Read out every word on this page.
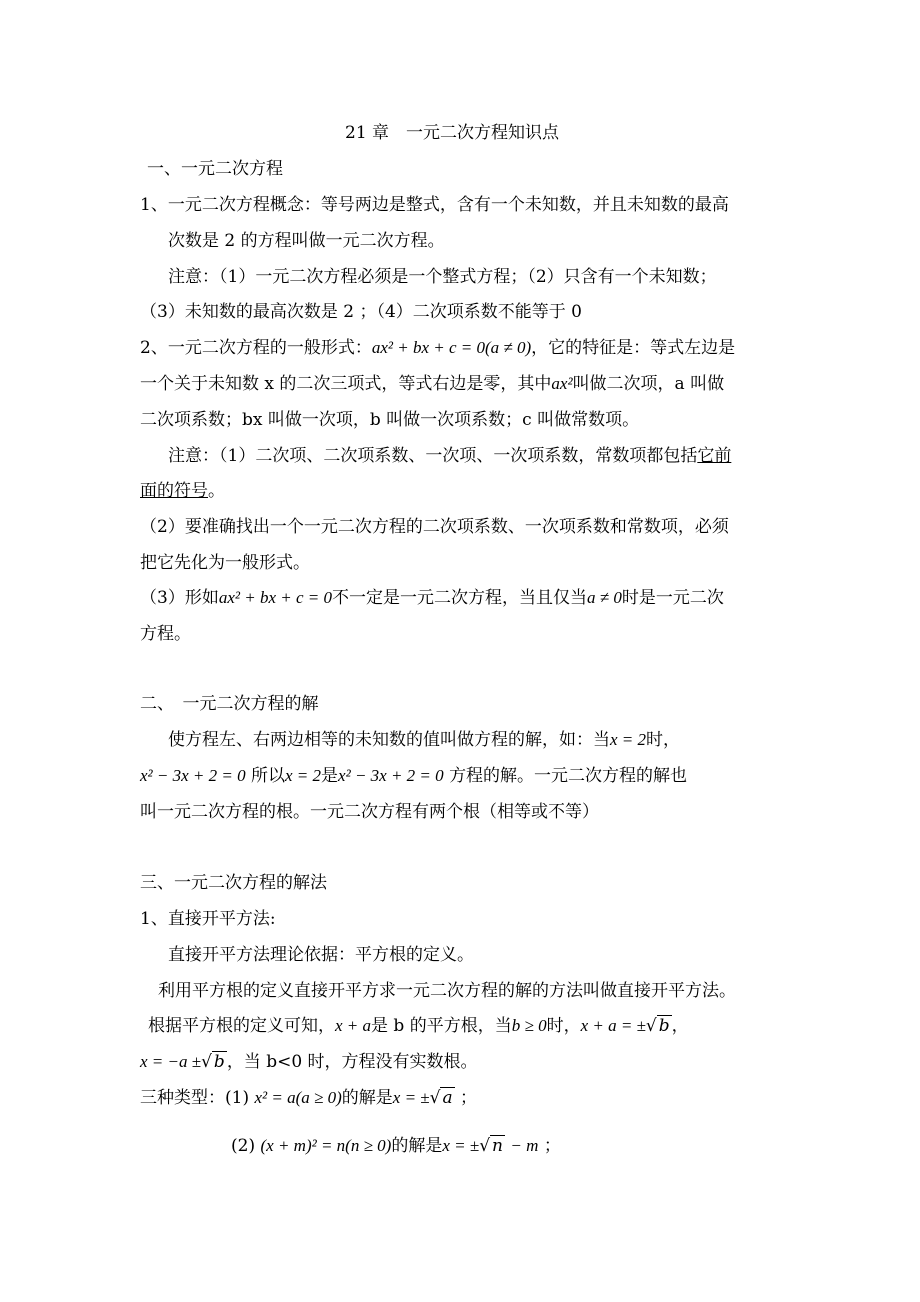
21 章　一元二次方程知识点
一、一元二次方程
1、一元二次方程概念：等号两边是整式，含有一个未知数，并且未知数的最高
次数是 2 的方程叫做一元二次方程。
注意：（1）一元二次方程必须是一个整式方程；（2）只含有一个未知数；
（3）未知数的最高次数是 2 ；（4）二次项系数不能等于 0
2、一元二次方程的一般形式：ax² + bx + c = 0(a ≠ 0)，它的特征是：等式左边是
一个关于未知数 x 的二次三项式，等式右边是零，其中ax²叫做二次项，a 叫做
二次项系数；bx 叫做一次项，b 叫做一次项系数；c 叫做常数项。
注意：（1）二次项、二次项系数、一次项、一次项系数，常数项都包括它前
面的符号。
（2）要准确找出一个一元二次方程的二次项系数、一次项系数和常数项，必须
把它先化为一般形式。
（3）形如ax² + bx + c = 0不一定是一元二次方程，当且仅当a ≠ 0时是一元二次
方程。
二、　一元二次方程的解
使方程左、右两边相等的未知数的值叫做方程的解，如：当x = 2时，
x² − 3x + 2 = 0 所以x = 2是x² − 3x + 2 = 0 方程的解。一元二次方程的解也
叫一元二次方程的根。一元二次方程有两个根（相等或不等）
三、一元二次方程的解法
1、直接开平方法:
直接开平方法理论依据：平方根的定义。
利用平方根的定义直接开平方求一元二次方程的解的方法叫做直接开平方法。
根据平方根的定义可知，x + a是 b 的平方根，当b ≥ 0时，x + a = ±√ b ，
x = −a ±√ b ，当 b<0 时，方程没有实数根。
三种类型：(1) x² = a(a ≥ 0)的解是x = ±√ a ；
(2) (x + m)² = n(n ≥ 0)的解是x = ±√ n − m ；
